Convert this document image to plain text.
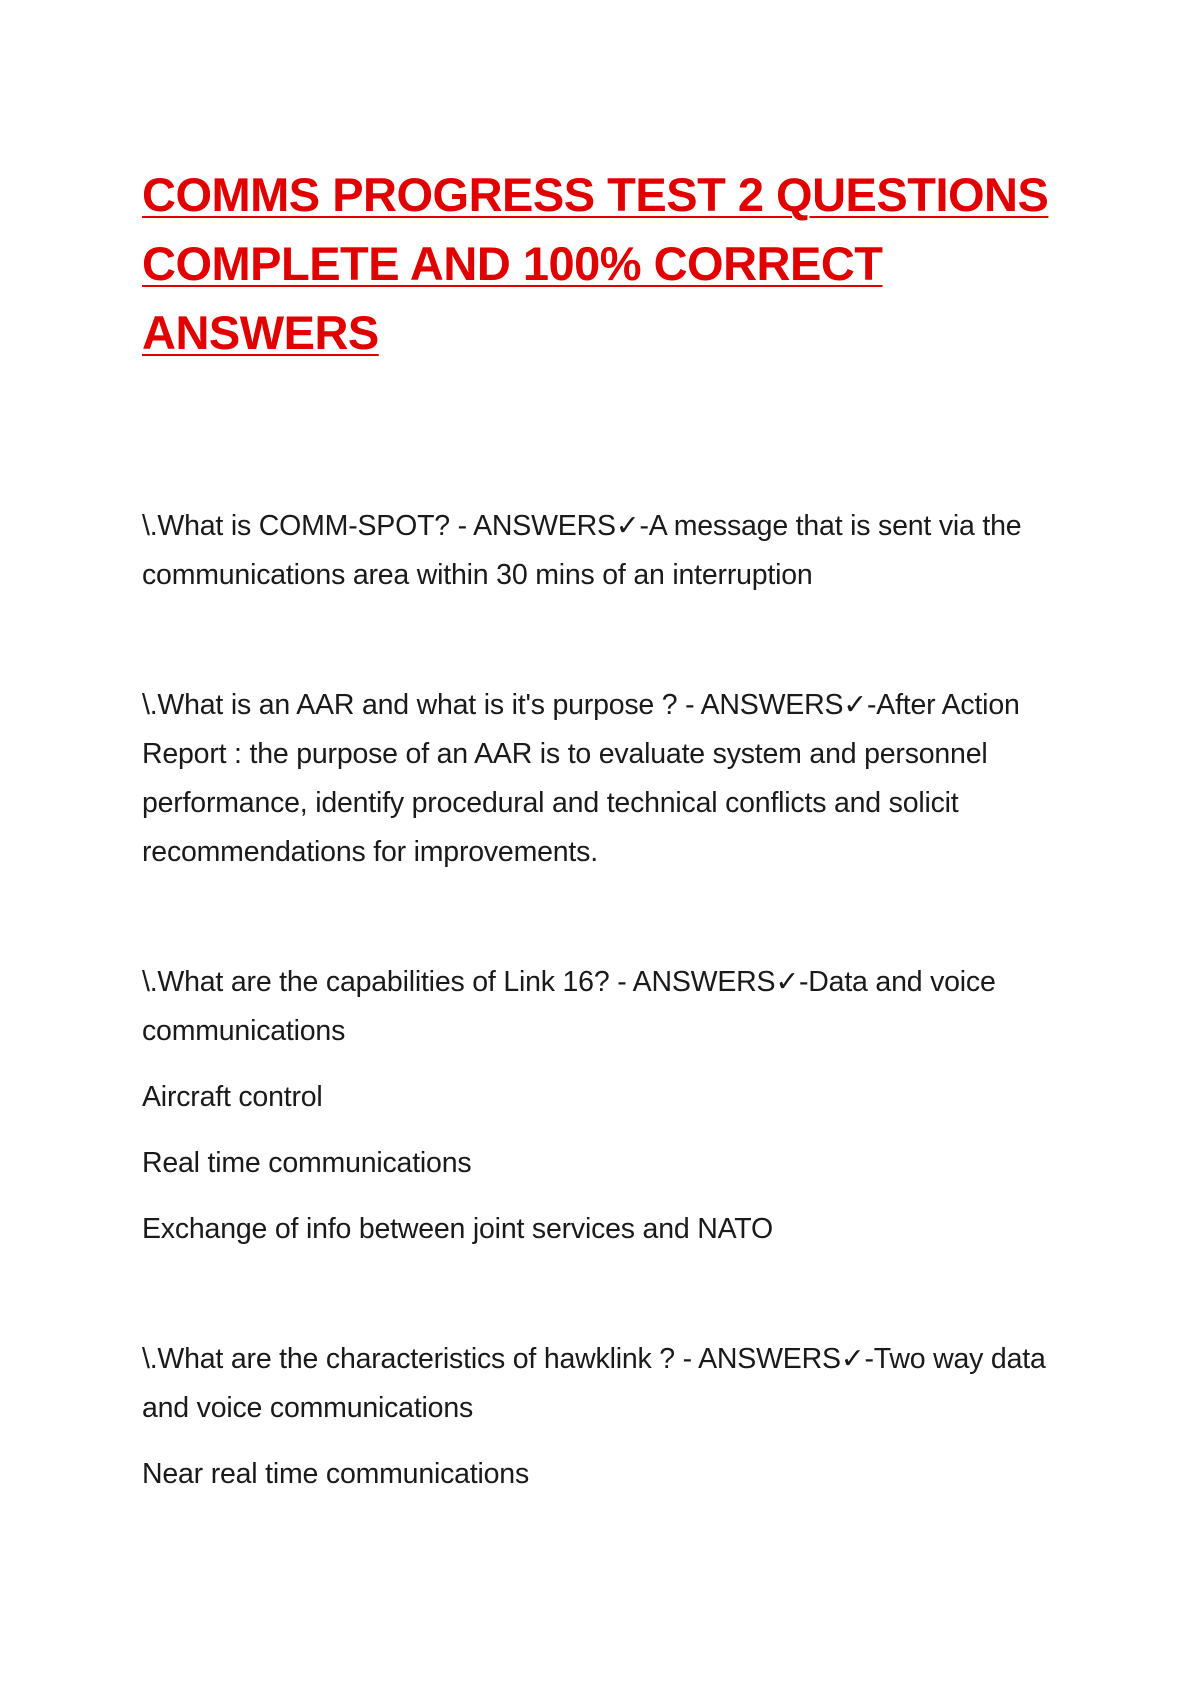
COMMS PROGRESS TEST 2 QUESTIONS COMPLETE AND 100% CORRECT ANSWERS

\.What is COMM-SPOT? - ANSWERS✓-A message that is sent via the communications area within 30 mins of an interruption

\.What is an AAR and what is it's purpose ? - ANSWERS✓-After Action Report : the purpose of an AAR is to evaluate system and personnel performance, identify procedural and technical conflicts and solicit recommendations for improvements.

\.What are the capabilities of Link 16? - ANSWERS✓-Data and voice communications

Aircraft control

Real time communications

Exchange of info between joint services and NATO

\.What are the characteristics of hawklink ? - ANSWERS✓-Two way data and voice communications

Near real time communications
